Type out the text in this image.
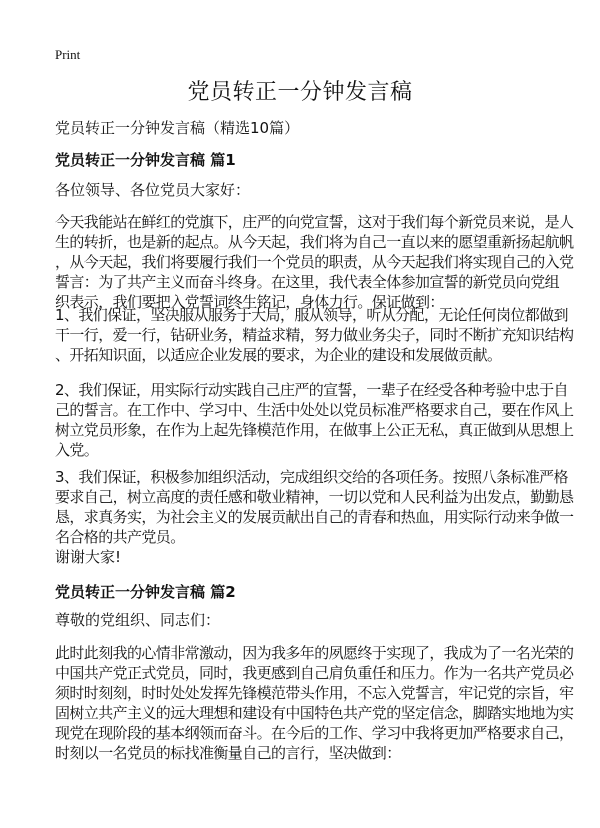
Print
党员转正一分钟发言稿
党员转正一分钟发言稿（精选10篇）
党员转正一分钟发言稿 篇1
各位领导、各位党员大家好：
今天我能站在鲜红的党旗下，庄严的向党宣誓，这对于我们每个新党员来说，是人
生的转折，也是新的起点。从今天起，我们将为自己一直以来的愿望重新扬起航帆
，从今天起，我们将要履行我们一个党员的职责，从今天起我们将实现自己的入党
誓言：为了共产主义而奋斗终身。在这里，我代表全体参加宣誓的新党员向党组
织表示，我们要把入党誓词终生铭记，身体力行。保证做到：
1、我们保证，坚决服从服务于大局，服从领导，听从分配，无论任何岗位都做到
干一行，爱一行，钻研业务，精益求精，努力做业务尖子，同时不断扩充知识结构
、开拓知识面，以适应企业发展的要求，为企业的建设和发展做贡献。
2、我们保证，用实际行动实践自己庄严的宣誓，一辈子在经受各种考验中忠于自
己的誓言。在工作中、学习中、生活中处处以党员标准严格要求自己，要在作风上
树立党员形象，在作为上起先锋模范作用，在做事上公正无私，真正做到从思想上
入党。
3、我们保证，积极参加组织活动，完成组织交给的各项任务。按照八条标准严格
要求自己，树立高度的责任感和敬业精神，一切以党和人民利益为出发点，勤勤恳
恳，求真务实，为社会主义的发展贡献出自己的青春和热血，用实际行动来争做一
名合格的共产党员。
谢谢大家!
党员转正一分钟发言稿 篇2
尊敬的党组织、同志们：
此时此刻我的心情非常激动，因为我多年的夙愿终于实现了，我成为了一名光荣的
中国共产党正式党员，同时，我更感到自己肩负重任和压力。作为一名共产党员必
须时时刻刻，时时处处发挥先锋模范带头作用，不忘入党誓言，牢记党的宗旨，牢
固树立共产主义的远大理想和建设有中国特色共产党的坚定信念，脚踏实地地为实
现党在现阶段的基本纲领而奋斗。在今后的工作、学习中我将更加严格要求自己，
时刻以一名党员的标找准衡量自己的言行，坚决做到：
